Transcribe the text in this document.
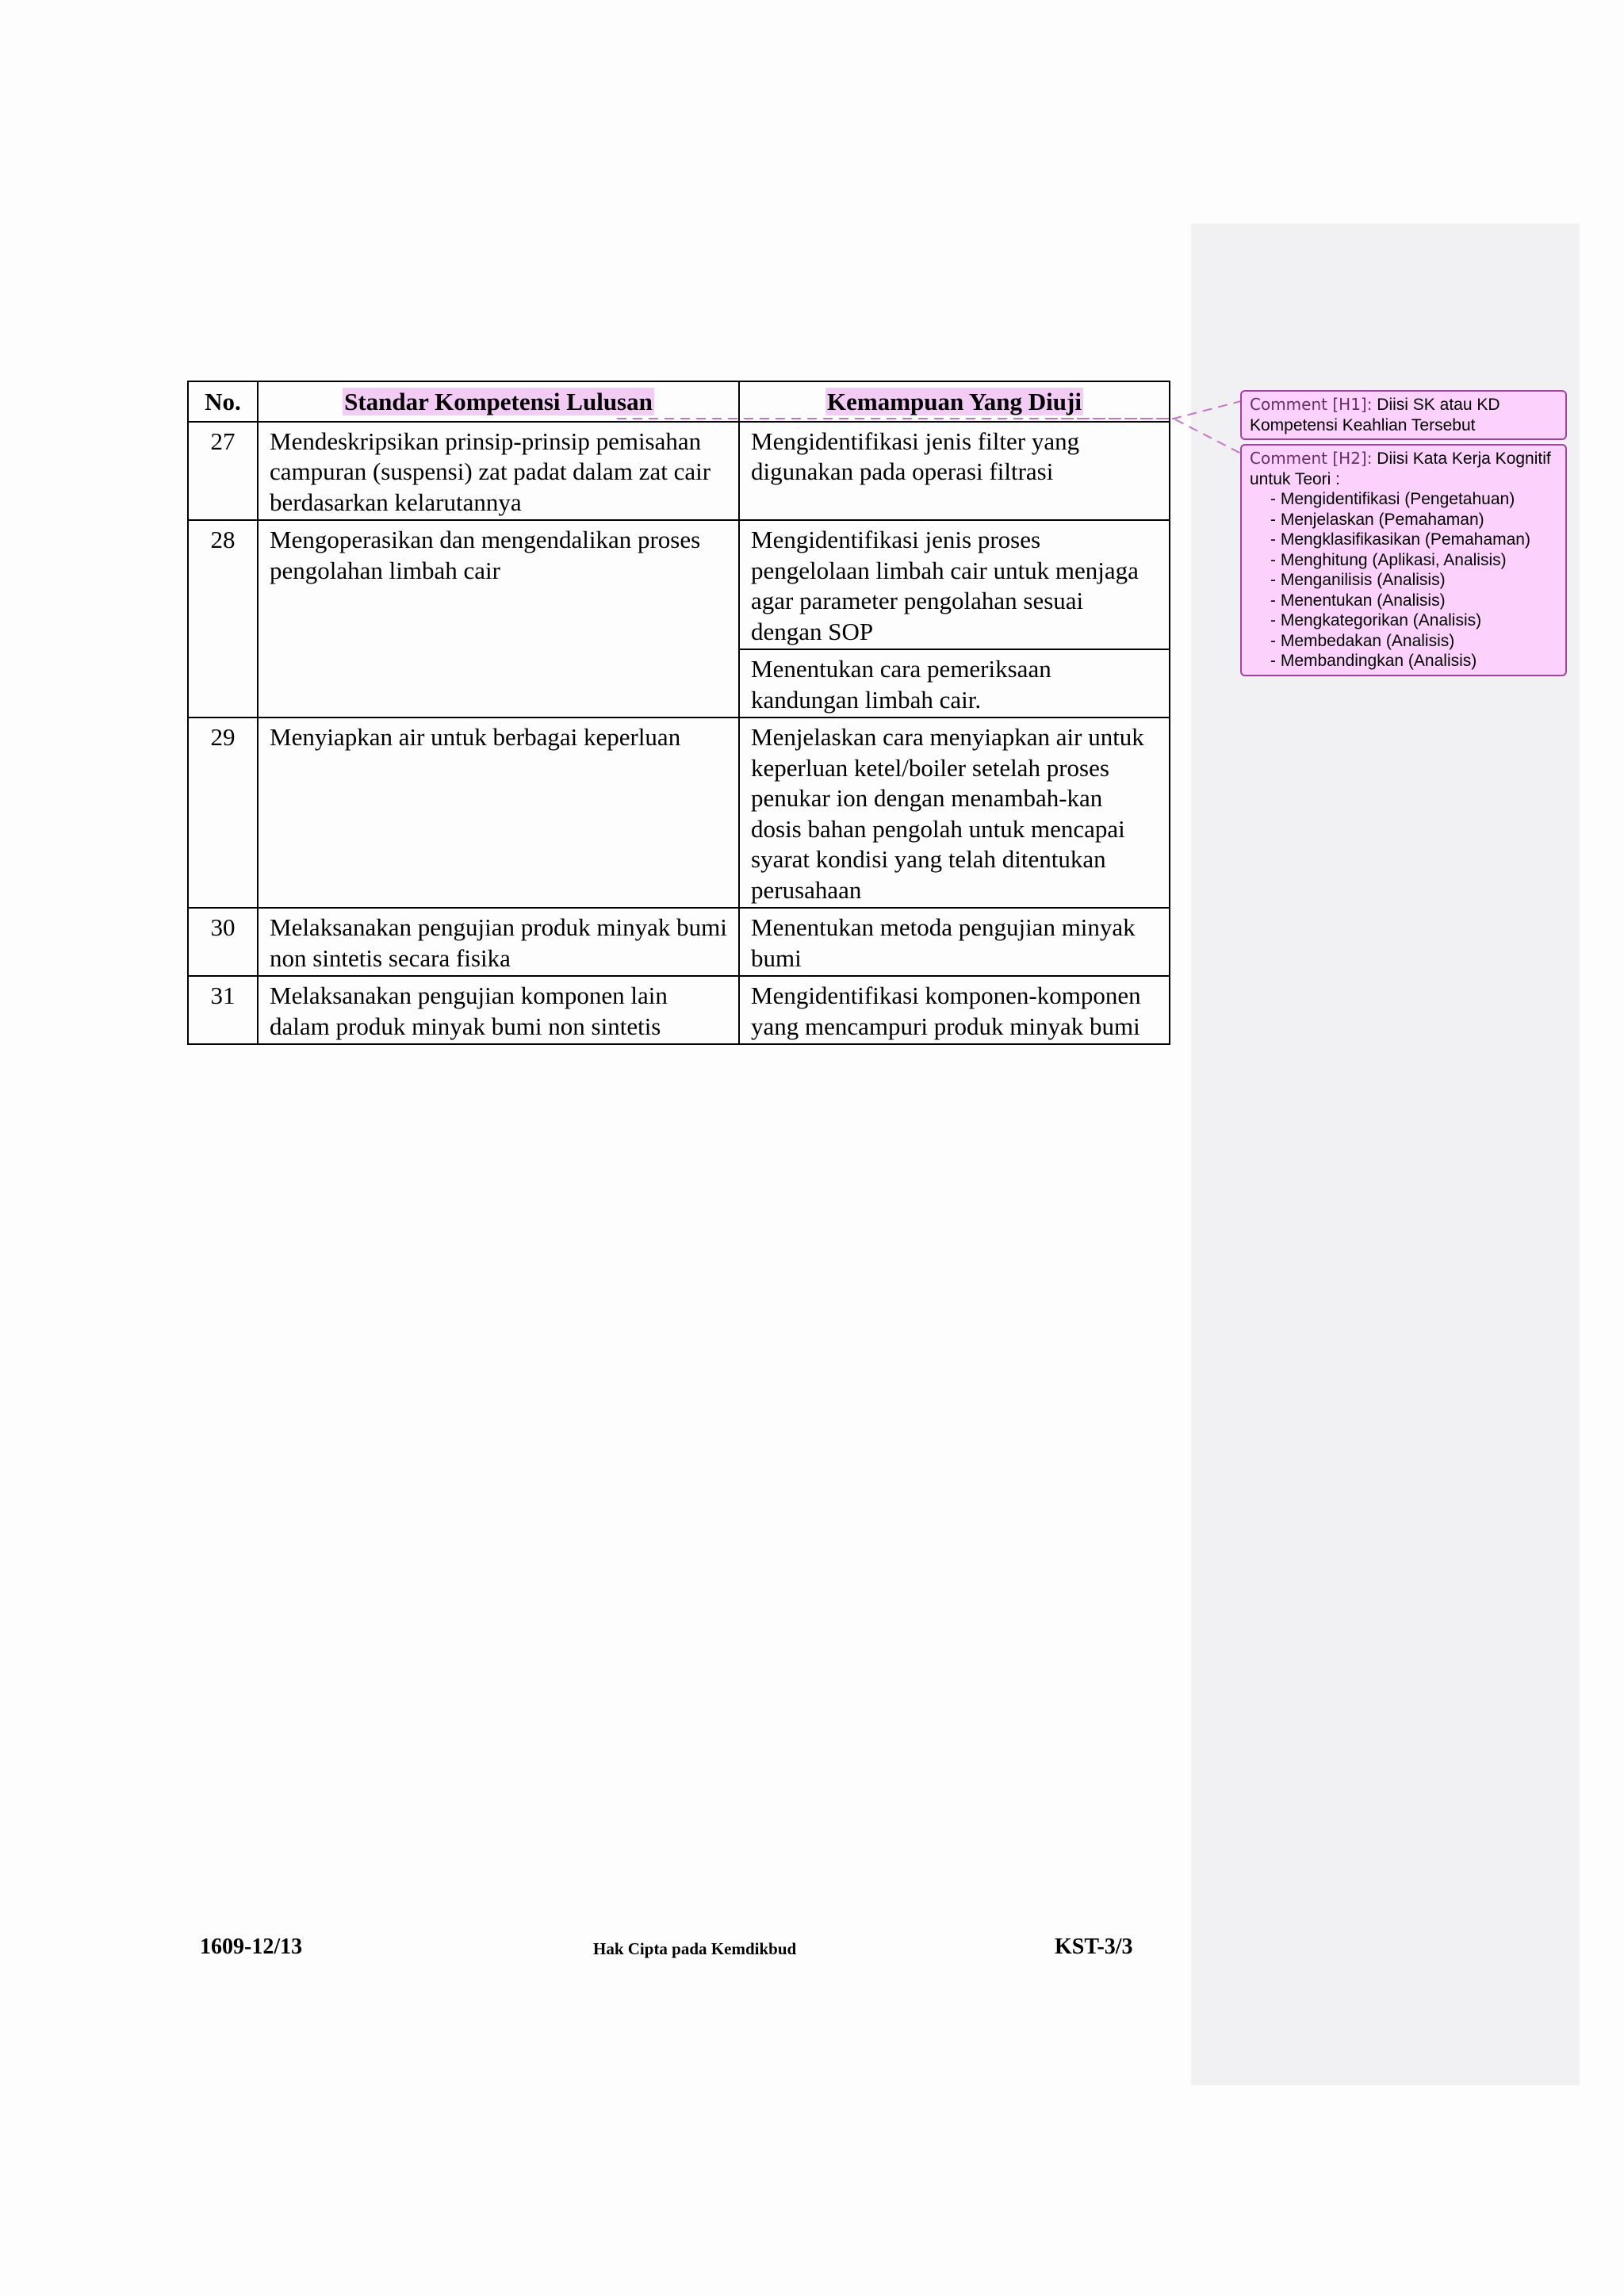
No.	Standar Kompetensi Lulusan	Kemampuan Yang Diuji
27	Mendeskripsikan prinsip-prinsip pemisahan campuran (suspensi) zat padat dalam zat cair berdasarkan kelarutannya	Mengidentifikasi jenis filter yang digunakan pada operasi filtrasi
28	Mengoperasikan dan mengendalikan proses pengolahan limbah cair	Mengidentifikasi jenis proses pengelolaan limbah cair untuk menjaga agar parameter pengolahan sesuai dengan SOP
		Menentukan cara pemeriksaan kandungan limbah cair.
29	Menyiapkan air untuk berbagai keperluan	Menjelaskan cara menyiapkan air untuk keperluan ketel/boiler setelah proses penukar ion dengan menambah-kan dosis bahan pengolah untuk mencapai syarat kondisi yang telah ditentukan perusahaan
30	Melaksanakan pengujian produk minyak bumi non sintetis secara fisika	Menentukan metoda pengujian minyak bumi
31	Melaksanakan pengujian komponen lain dalam produk minyak bumi non sintetis	Mengidentifikasi komponen-komponen yang mencampuri produk minyak bumi
Comment [H1]: Diisi SK atau KD Kompetensi Keahlian Tersebut
Comment [H2]: Diisi Kata Kerja Kognitif untuk Teori :
- Mengidentifikasi (Pengetahuan)
- Menjelaskan (Pemahaman)
- Mengklasifikasikan (Pemahaman)
- Menghitung (Aplikasi, Analisis)
- Menganilisis (Analisis)
- Menentukan (Analisis)
- Mengkategorikan (Analisis)
- Membedakan (Analisis)
- Membandingkan (Analisis)
1609-12/13	Hak Cipta pada Kemdikbud	KST-3/3
